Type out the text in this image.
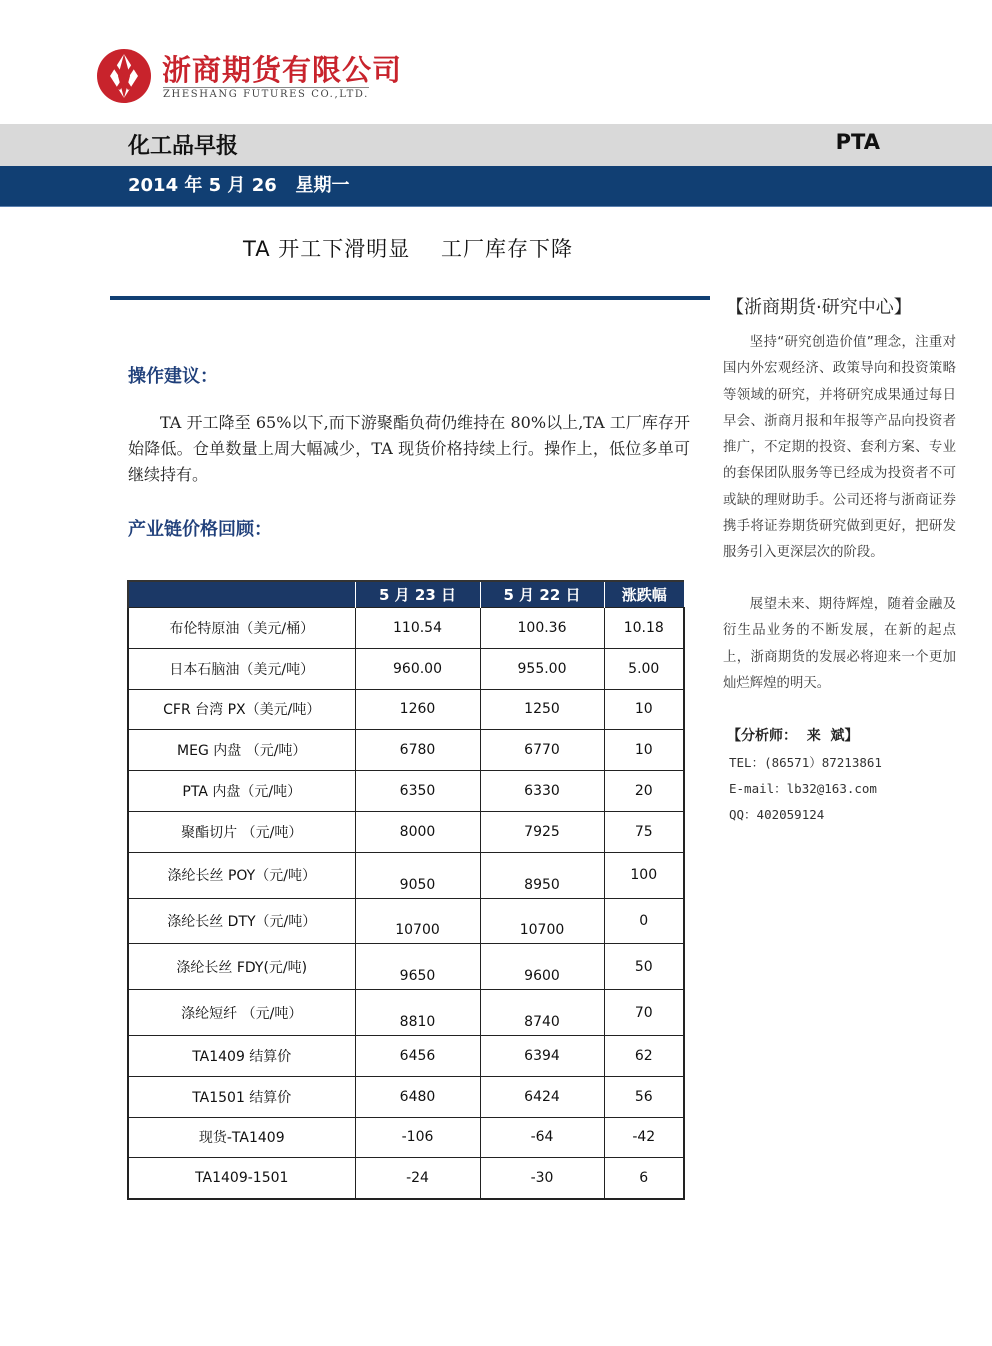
浙商期货有限公司
ZHESHANG FUTURES CO.,LTD.
化工品早报	PTA
2014 年 5 月 26   星期一
TA 开工下滑明显    工厂库存下降
操作建议：

TA 开工降至 65%以下,而下游聚酯负荷仍维持在 80%以上,TA 工厂库存开始降低。仓单数量上周大幅减少，TA 现货价格持续上行。操作上，低位多单可继续持有。

产业链价格回顾：
	5 月 23 日	5 月 22 日	涨跌幅
布伦特原油（美元/桶）	110.54	100.36	10.18
日本石脑油（美元/吨）	960.00	955.00	5.00
CFR 台湾 PX（美元/吨）	1260	1250	10
MEG 内盘 （元/吨）	6780	6770	10
PTA 内盘（元/吨）	6350	6330	20
聚酯切片 （元/吨）	8000	7925	75
涤纶长丝 POY（元/吨）	9050	8950	100
涤纶长丝 DTY（元/吨）	10700	10700	0
涤纶长丝 FDY(元/吨)	9650	9600	50
涤纶短纤 （元/吨）	8810	8740	70
TA1409 结算价	6456	6394	62
TA1501 结算价	6480	6424	56
现货-TA1409	-106	-64	-42
TA1409-1501	-24	-30	6
【浙商期货·研究中心】

坚持“研究创造价值”理念，注重对国内外宏观经济、政策导向和投资策略等领域的研究，并将研究成果通过每日早会、浙商月报和年报等产品向投资者推广，不定期的投资、套利方案、专业的套保团队服务等已经成为投资者不可或缺的理财助手。公司还将与浙商证券携手将证券期货研究做到更好，把研发服务引入更深层次的阶段。

展望未来、期待辉煌，随着金融及衍生品业务的不断发展，在新的起点上，浙商期货的发展必将迎来一个更加灿烂辉煌的明天。

【分析师：  来  斌】
TEL：(86571）87213861
E-mail：lb32@163.com
QQ：402059124
